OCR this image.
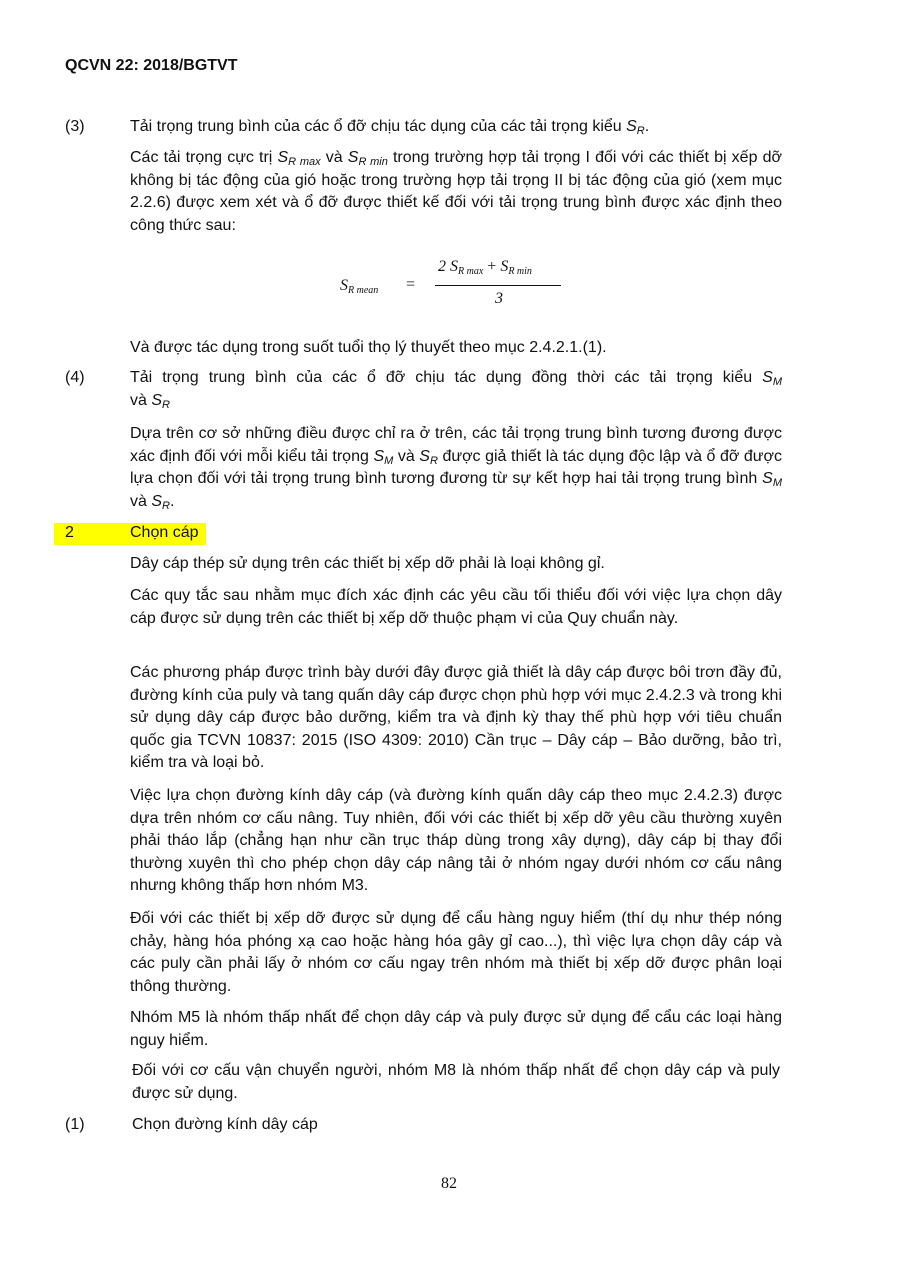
QCVN 22: 2018/BGTVT
(3)	Tải trọng trung bình của các ổ đỡ chịu tác dụng của các tải trọng kiểu $S_R$.
Các tải trọng cực trị $S_{R max}$ và $S_{R min}$ trong trường hợp tải trọng I đối với các thiết bị xếp dỡ không bị tác động của gió hoặc trong trường hợp tải trọng II bị tác động của gió (xem mục 2.2.6) được xem xét và ổ đỡ được thiết kế đối với tải trọng trung bình được xác định theo công thức sau:
$S_{R mean}$ =
2 $S_{R max} + S_{R min}$
3
Và được tác dụng trong suốt tuổi thọ lý thuyết theo mục 2.4.2.1.(1).
(4)	Tải trọng trung bình của các ổ đỡ chịu tác dụng đồng thời các tải trọng kiểu $S_M$
và $S_R$
Dựa trên cơ sở những điều được chỉ ra ở trên, các tải trọng trung bình tương đương được xác định đối với mỗi kiểu tải trọng $S_M$ và $S_R$ được giả thiết là tác dụng độc lập và ổ đỡ được lựa chọn đối với tải trọng trung bình tương đương từ sự kết hợp hai tải trọng trung bình $S_M$ và $S_R$.
2	Chọn cáp
Dây cáp thép sử dụng trên các thiết bị xếp dỡ phải là loại không gỉ.
Các quy tắc sau nhằm mục đích xác định các yêu cầu tối thiểu đối với việc lựa chọn dây cáp được sử dụng trên các thiết bị xếp dỡ thuộc phạm vi của Quy chuẩn này.
Các phương pháp được trình bày dưới đây được giả thiết là dây cáp được bôi trơn đầy đủ, đường kính của puly và tang quấn dây cáp được chọn phù hợp với mục 2.4.2.3 và trong khi sử dụng dây cáp được bảo dưỡng, kiểm tra và định kỳ thay thế phù hợp với tiêu chuẩn quốc gia TCVN 10837: 2015 (ISO 4309: 2010) Cần trục – Dây cáp – Bảo dưỡng, bảo trì, kiểm tra và loại bỏ.
Việc lựa chọn đường kính dây cáp (và đường kính quấn dây cáp theo mục 2.4.2.3) được dựa trên nhóm cơ cấu nâng. Tuy nhiên, đối với các thiết bị xếp dỡ yêu cầu thường xuyên phải tháo lắp (chẳng hạn như cần trục tháp dùng trong xây dựng), dây cáp bị thay đổi thường xuyên thì cho phép chọn dây cáp nâng tải ở nhóm ngay dưới nhóm cơ cấu nâng nhưng không thấp hơn nhóm M3.
Đối với các thiết bị xếp dỡ được sử dụng để cẩu hàng nguy hiểm (thí dụ như thép nóng chảy, hàng hóa phóng xạ cao hoặc hàng hóa gây gỉ cao...), thì việc lựa chọn dây cáp và các puly cần phải lấy ở nhóm cơ cấu ngay trên nhóm mà thiết bị xếp dỡ được phân loại thông thường.
Nhóm M5 là nhóm thấp nhất để chọn dây cáp và puly được sử dụng để cẩu các loại hàng nguy hiểm.
Đối với cơ cấu vận chuyển người, nhóm M8 là nhóm thấp nhất để chọn dây cáp và puly được sử dụng.
(1)	Chọn đường kính dây cáp
82
